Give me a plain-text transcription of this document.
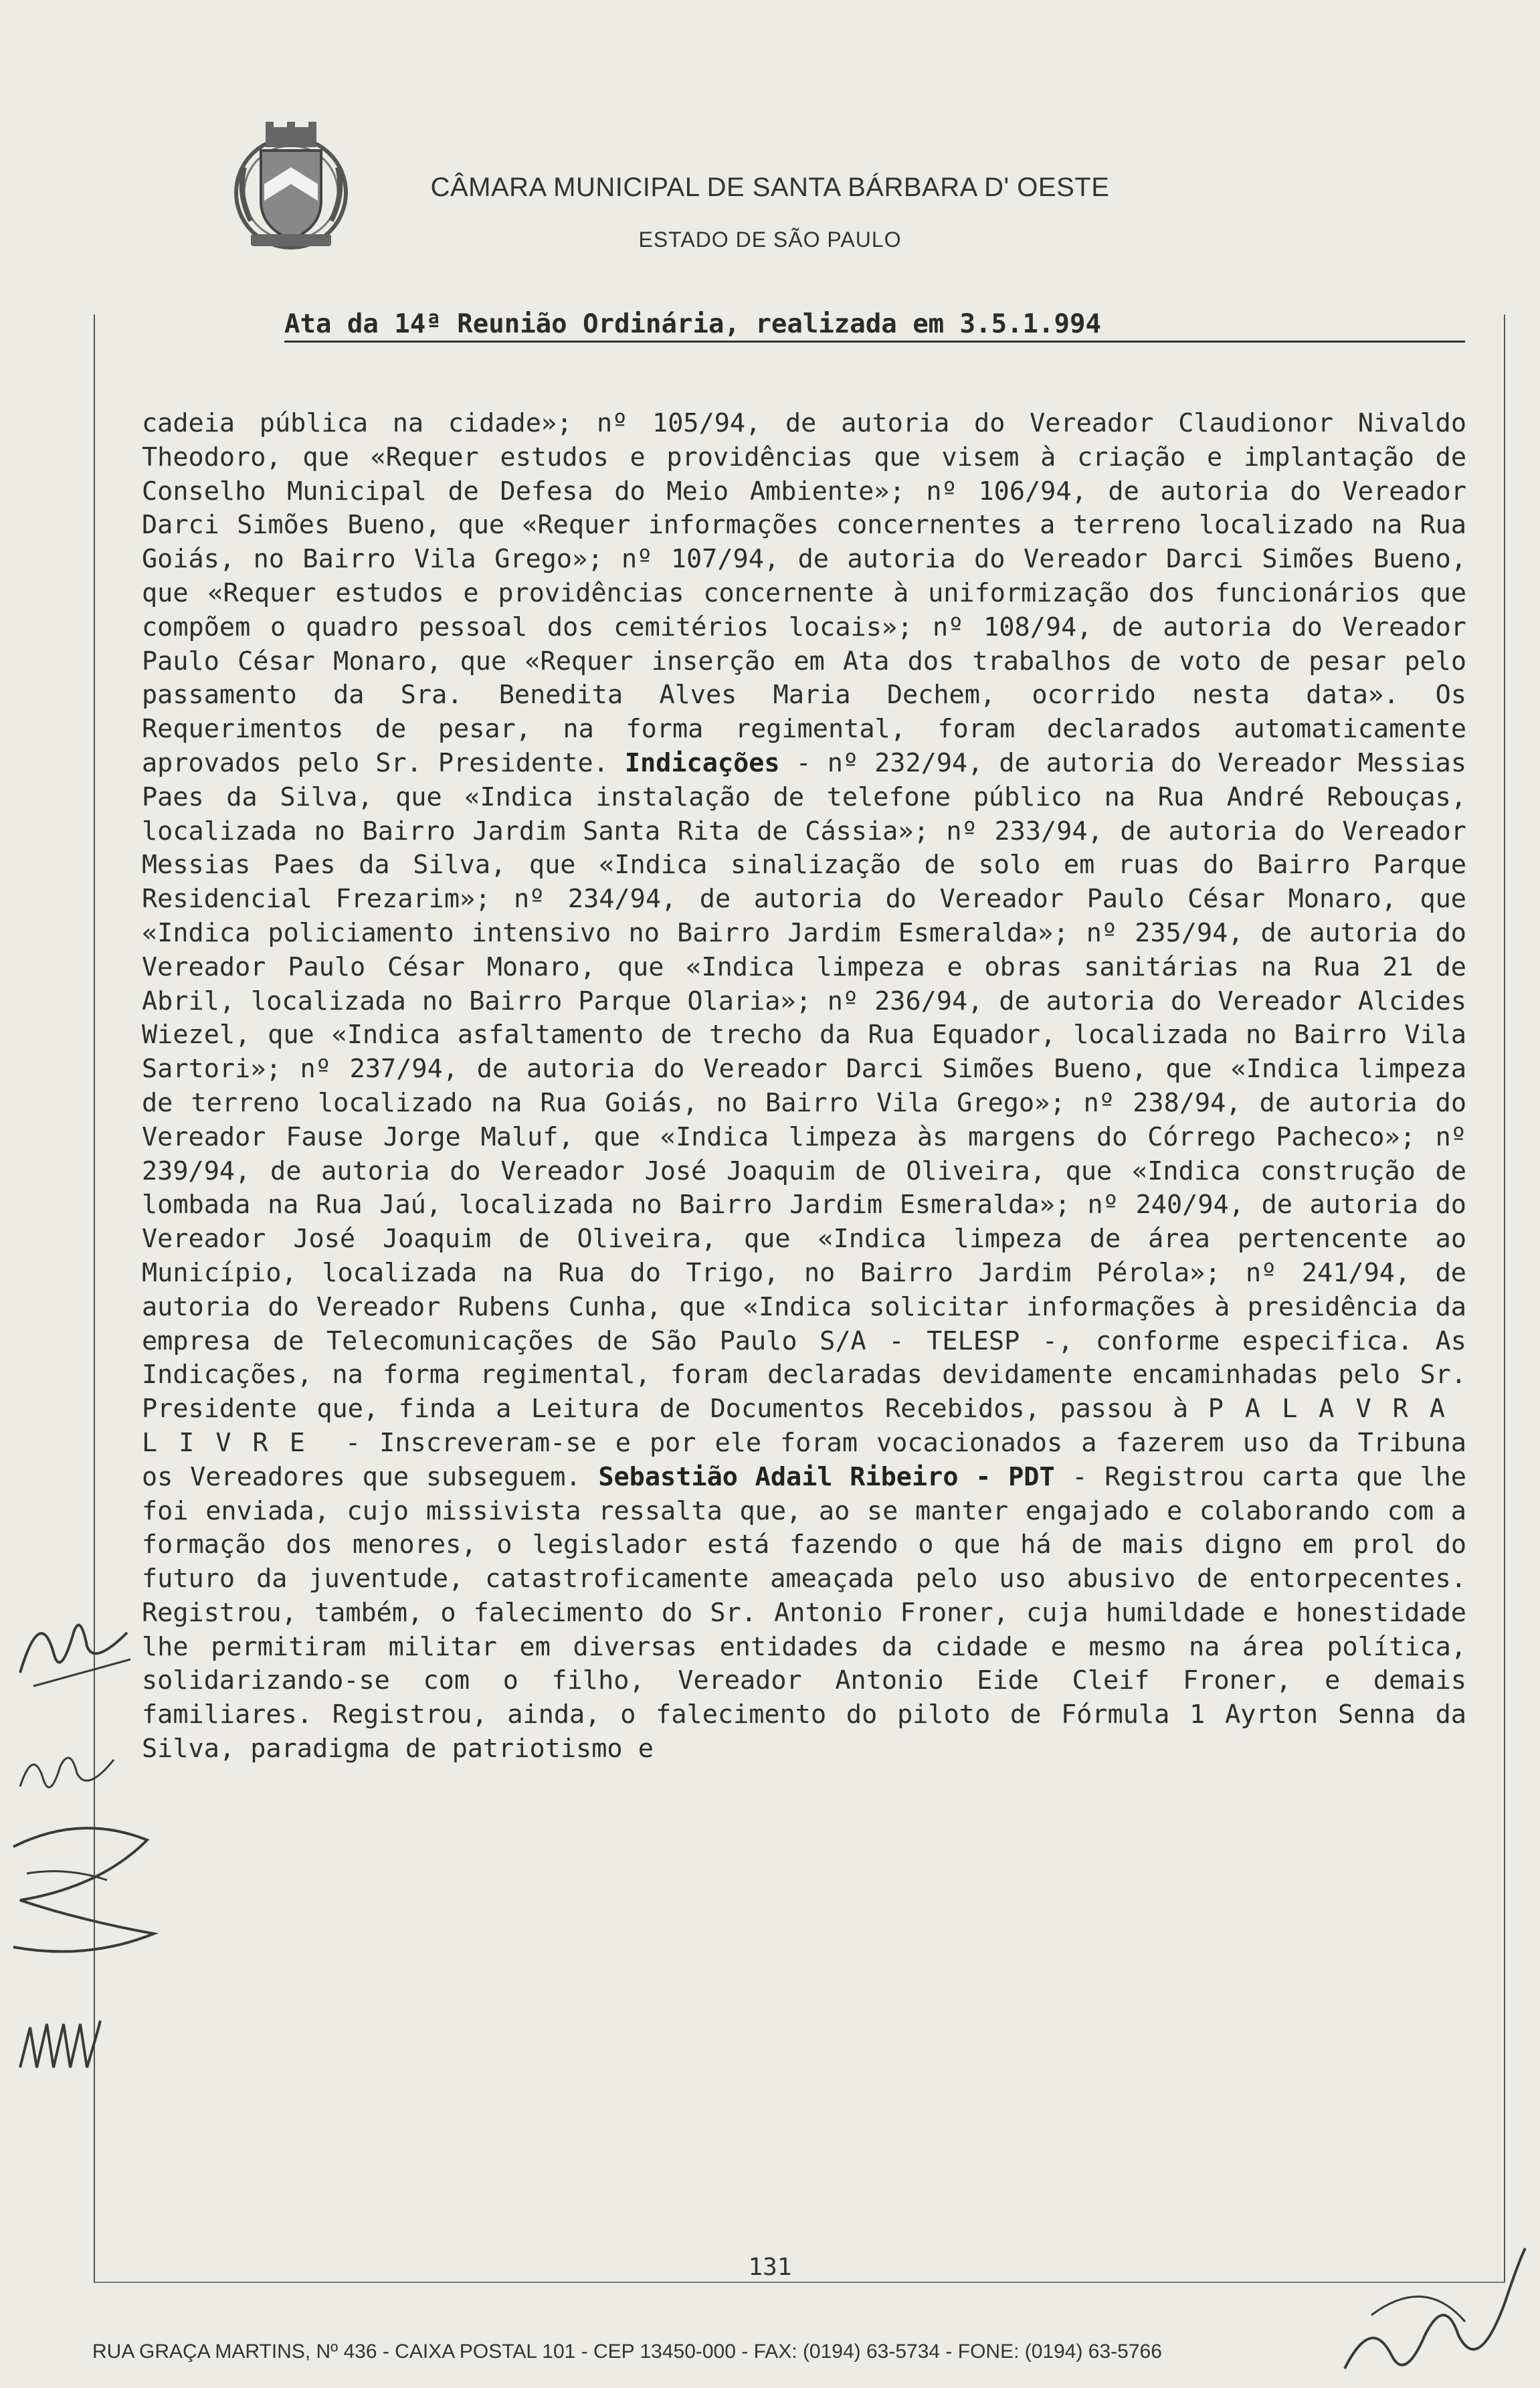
CÂMARA MUNICIPAL DE SANTA BÁRBARA D' OESTE
ESTADO DE SÃO PAULO
Ata da 14ª Reunião Ordinária, realizada em 3.5.1.994
cadeia pública na cidade»; nº 105/94, de autoria do Vereador Claudionor Nivaldo Theodoro, que «Requer estudos e providências que visem à criação e implantação de Conselho Municipal de Defesa do Meio Ambiente»; nº 106/94, de autoria do Vereador Darci Simões Bueno, que «Requer informações concernentes a terreno localizado na Rua Goiás, no Bairro Vila Grego»; nº 107/94, de autoria do Vereador Darci Simões Bueno, que «Requer estudos e providências concernente à uniformização dos funcionários que compõem o quadro pessoal dos cemitérios locais»; nº 108/94, de autoria do Vereador Paulo César Monaro, que «Requer inserção em Ata dos trabalhos de voto de pesar pelo passamento da Sra. Benedita Alves Maria Dechem, ocorrido nesta data». Os Requerimentos de pesar, na forma regimental, foram declarados automaticamente aprovados pelo Sr. Presidente. Indicações - nº 232/94, de autoria do Vereador Messias Paes da Silva, que «Indica instalação de telefone público na Rua André Rebouças, localizada no Bairro Jardim Santa Rita de Cássia»; nº 233/94, de autoria do Vereador Messias Paes da Silva, que «Indica sinalização de solo em ruas do Bairro Parque Residencial Frezarim»; nº 234/94, de autoria do Vereador Paulo César Monaro, que «Indica policiamento intensivo no Bairro Jardim Esmeralda»; nº 235/94, de autoria do Vereador Paulo César Monaro, que «Indica limpeza e obras sanitárias na Rua 21 de Abril, localizada no Bairro Parque Olaria»; nº 236/94, de autoria do Vereador Alcides Wiezel, que «Indica asfaltamento de trecho da Rua Equador, localizada no Bairro Vila Sartori»; nº 237/94, de autoria do Vereador Darci Simões Bueno, que «Indica limpeza de terreno localizado na Rua Goiás, no Bairro Vila Grego»; nº 238/94, de autoria do Vereador Fause Jorge Maluf, que «Indica limpeza às margens do Córrego Pacheco»; nº 239/94, de autoria do Vereador José Joaquim de Oliveira, que «Indica construção de lombada na Rua Jaú, localizada no Bairro Jardim Esmeralda»; nº 240/94, de autoria do Vereador José Joaquim de Oliveira, que «Indica limpeza de área pertencente ao Município, localizada na Rua do Trigo, no Bairro Jardim Pérola»; nº 241/94, de autoria do Vereador Rubens Cunha, que «Indica solicitar informações à presidência da empresa de Telecomunicações de São Paulo S/A - TELESP -, conforme especifica. As Indicações, na forma regimental, foram declaradas devidamente encaminhadas pelo Sr. Presidente que, finda a Leitura de Documentos Recebidos, passou à PALAVRA LIVRE - Inscreveram-se e por ele foram vocacionados a fazerem uso da Tribuna os Vereadores que subseguem. Sebastião Adail Ribeiro - PDT - Registrou carta que lhe foi enviada, cujo missivista ressalta que, ao se manter engajado e colaborando com a formação dos menores, o legislador está fazendo o que há de mais digno em prol do futuro da juventude, catastroficamente ameaçada pelo uso abusivo de entorpecentes. Registrou, também, o falecimento do Sr. Antonio Froner, cuja humildade e honestidade lhe permitiram militar em diversas entidades da cidade e mesmo na área política, solidarizando-se com o filho, Vereador Antonio Eide Cleif Froner, e demais familiares. Registrou, ainda, o falecimento do piloto de Fórmula 1 Ayrton Senna da Silva, paradigma de patriotismo e
131
RUA GRAÇA MARTINS, Nº 436 - CAIXA POSTAL 101 - CEP 13450-000 - FAX: (0194) 63-5734 - FONE: (0194) 63-5766
